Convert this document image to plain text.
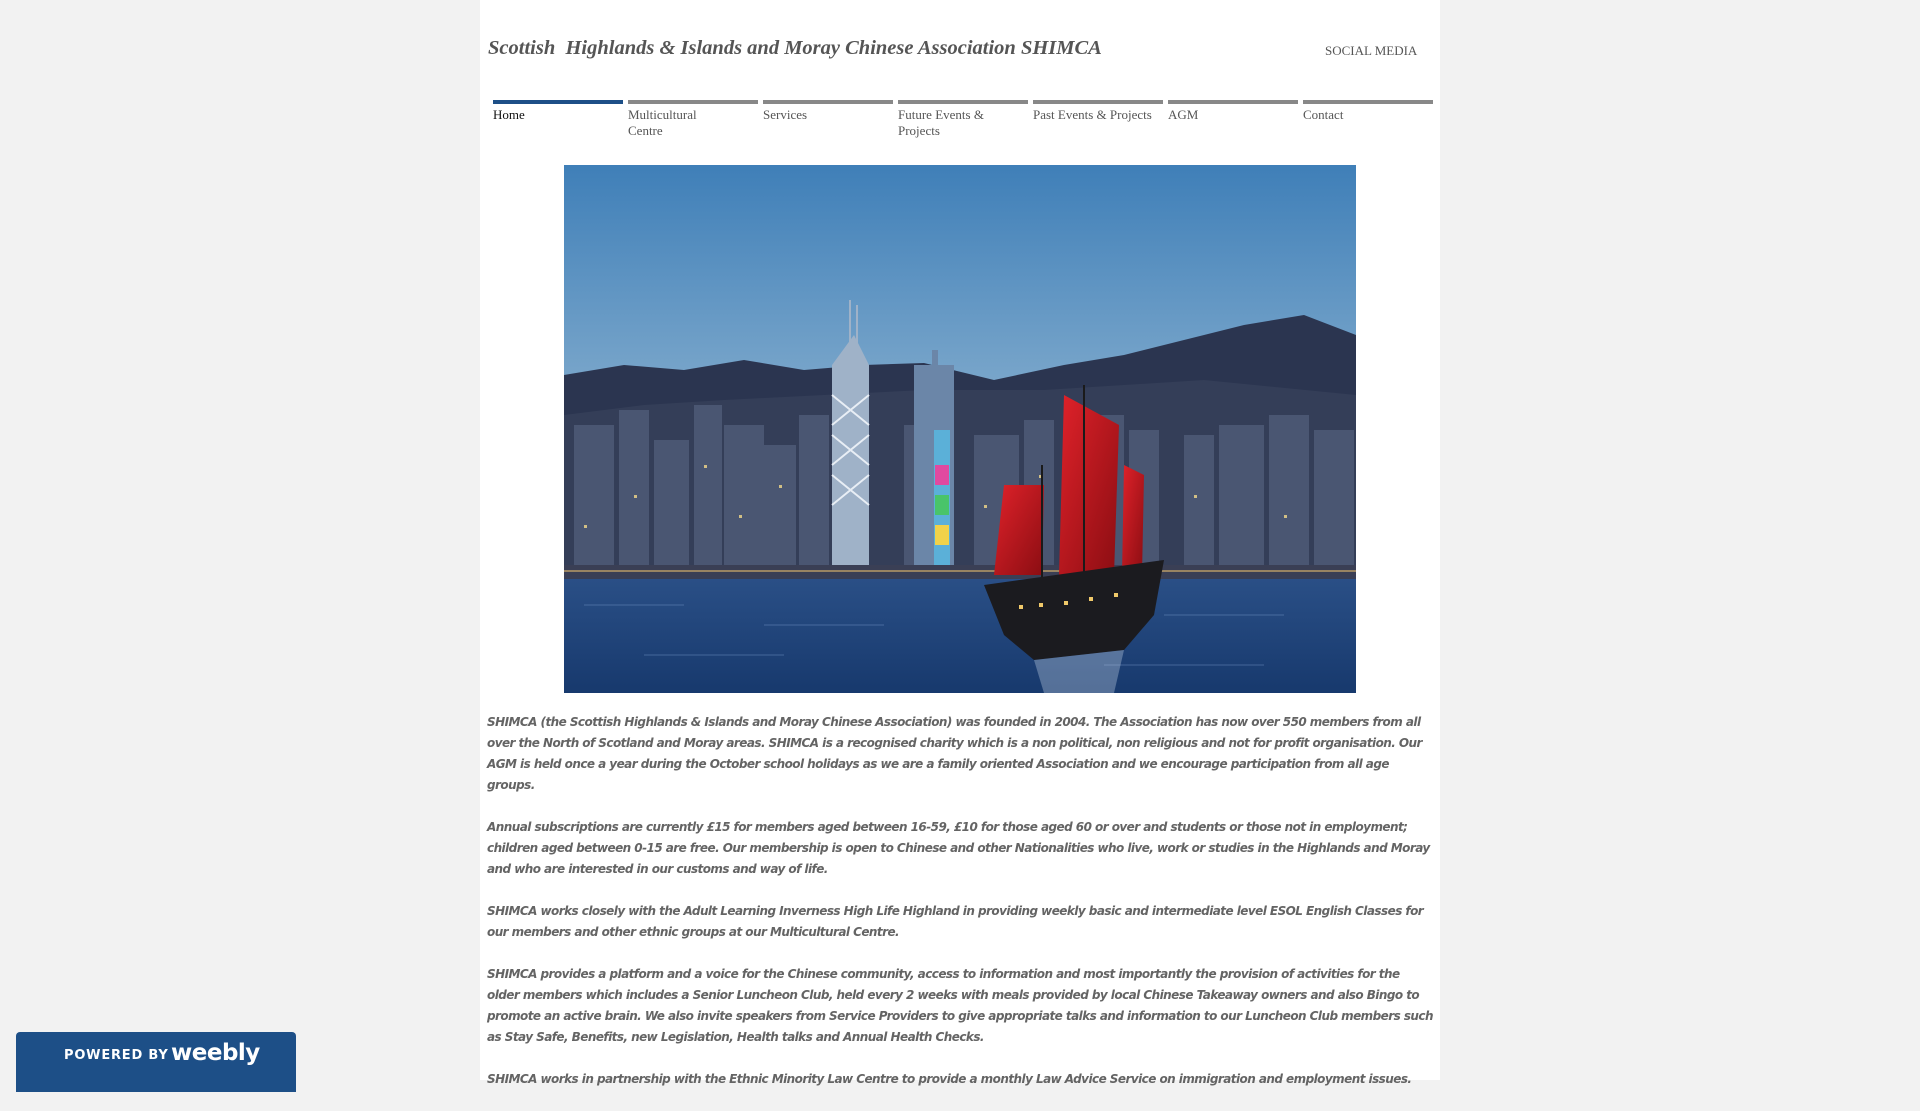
Scottish  Highlands & Islands and Moray Chinese Association SHIMCA	SOCIAL MEDIA
Home	Multicultural Centre
Services	Future Events & Projects
Past Events & Projects	AGM	Contact

SHIMCA (the Scottish Highlands & Islands and Moray Chinese Association) was founded in 2004. The Association has now over 550 members from all over the North of Scotland and Moray areas. SHIMCA is a recognised charity which is a non political, non religious and not for profit organisation. Our AGM is held once a year during the October school holidays as we are a family oriented Association and we encourage participation from all age groups.

Annual subscriptions are currently £15 for members aged between 16-59, £10 for those aged 60 or over and students or those not in employment; children aged between 0-15 are free. Our membership is open to Chinese and other Nationalities who live, work or studies in the Highlands and Moray and who are interested in our customs and way of life.

SHIMCA works closely with the Adult Learning Inverness High Life Highland in providing weekly basic and intermediate level ESOL English Classes for our members and other ethnic groups at our Multicultural Centre.

SHIMCA provides a platform and a voice for the Chinese community, access to information and most importantly the provision of activities for the older members which includes a Senior Luncheon Club, held every 2 weeks with meals provided by local Chinese Takeaway owners and also Bingo to promote an active brain. We also invite speakers from Service Providers to give appropriate talks and information to our Luncheon Club members such as Stay Safe, Benefits, new Legislation, Health talks and Annual Health Checks.

SHIMCA works in partnership with the Ethnic Minority Law Centre to provide a monthly Law Advice Service on immigration and employment issues.

POWERED BY weebly
